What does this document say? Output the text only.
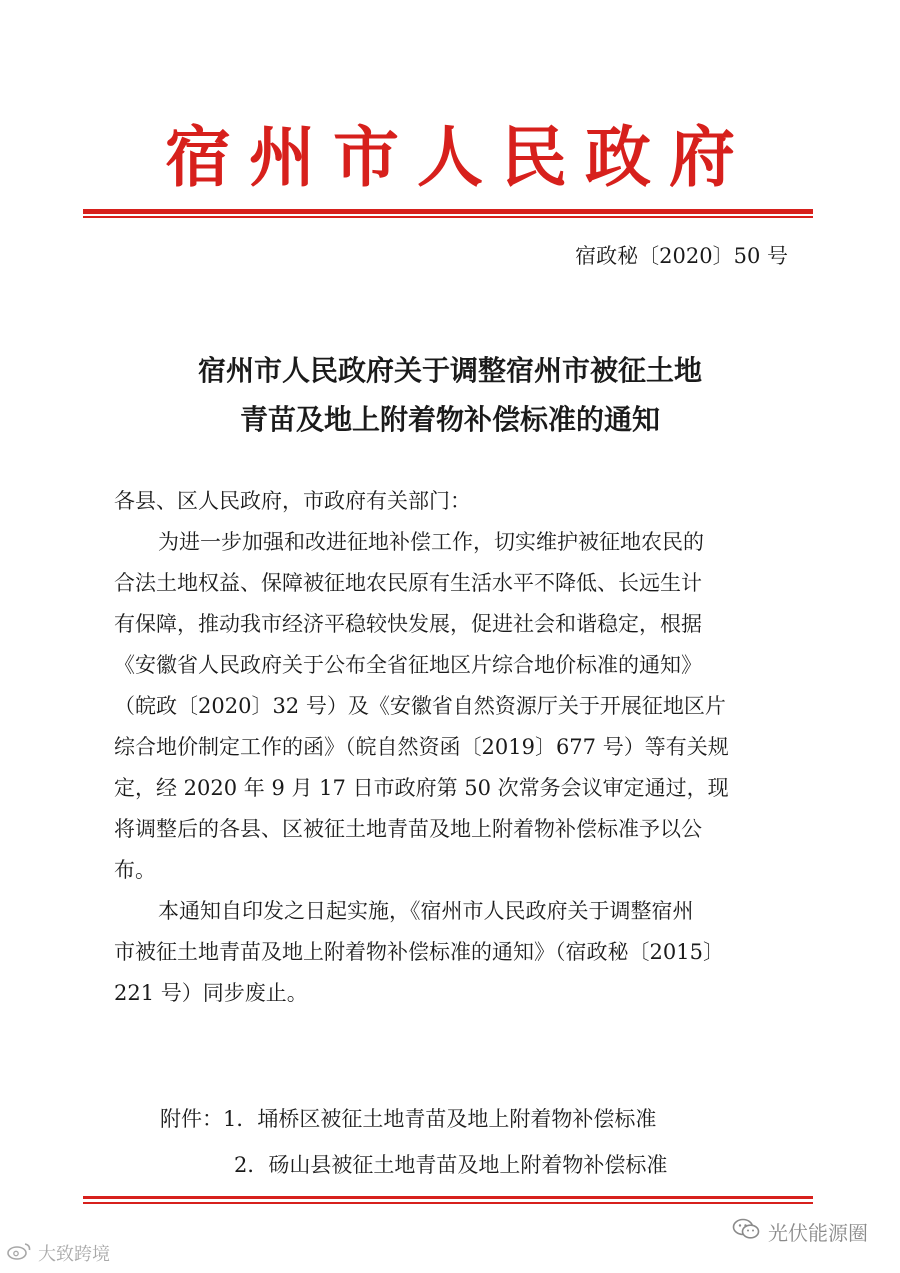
宿州市人民政府
宿政秘〔2020〕50 号
宿州市人民政府关于调整宿州市被征土地
青苗及地上附着物补偿标准的通知

各县、区人民政府，市政府有关部门：

为进一步加强和改进征地补偿工作，切实维护被征地农民的

合法土地权益、保障被征地农民原有生活水平不降低、长远生计

有保障，推动我市经济平稳较快发展，促进社会和谐稳定，根据

《安徽省人民政府关于公布全省征地区片综合地价标准的通知》

（皖政〔2020〕32 号）及《安徽省自然资源厅关于开展征地区片

综合地价制定工作的函》（皖自然资函〔2019〕677 号）等有关规

定，经 2020 年 9 月 17 日市政府第 50 次常务会议审定通过，现

将调整后的各县、区被征土地青苗及地上附着物补偿标准予以公

布。

本通知自印发之日起实施，《宿州市人民政府关于调整宿州

市被征土地青苗及地上附着物补偿标准的通知》（宿政秘〔2015〕

221 号）同步废止。

附件：1．埇桥区被征土地青苗及地上附着物补偿标准
2．砀山县被征土地青苗及地上附着物补偿标准
光伏能源圈
大致跨境
